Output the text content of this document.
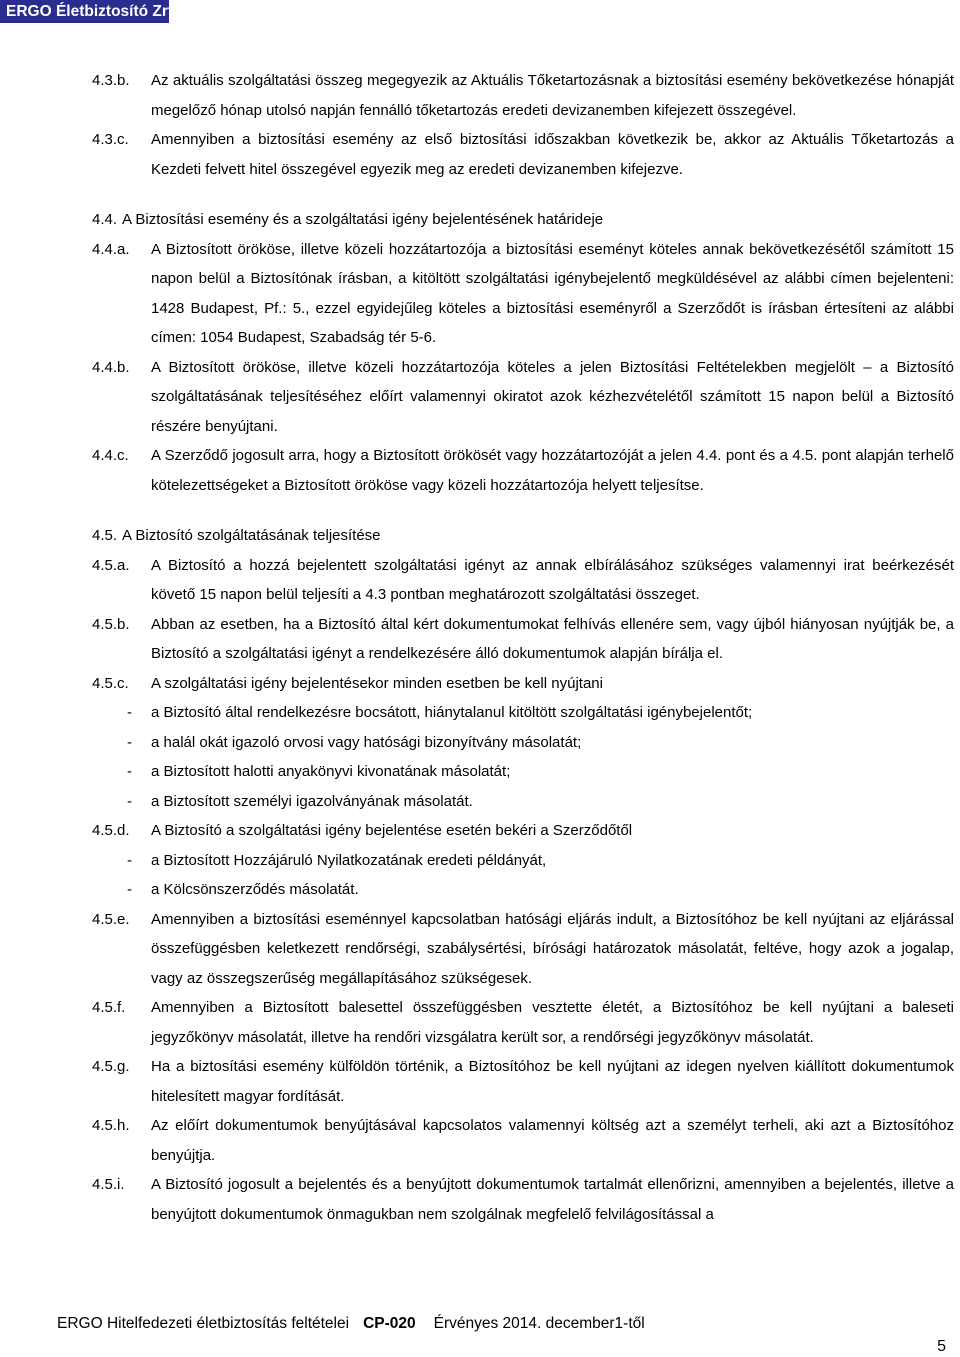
ERGO Életbiztosító Zrt.
4.3.b.	Az aktuális szolgáltatási összeg megegyezik az Aktuális Tőketartozásnak a biztosítási esemény bekövetkezése hónapját megelőző hónap utolsó napján fennálló tőketartozás eredeti devizanemben kifejezett összegével.
4.3.c.	Amennyiben a biztosítási esemény az első biztosítási időszakban következik be, akkor az Aktuális Tőketartozás a Kezdeti felvett hitel összegével egyezik meg az eredeti devizanemben kifejezve.
4.4. A Biztosítási esemény és a szolgáltatási igény bejelentésének határideje
4.4.a.	A Biztosított örököse, illetve közeli hozzátartozója a biztosítási eseményt köteles annak bekövetkezésétől számított 15 napon belül a Biztosítónak írásban, a kitöltött szolgáltatási igénybejelentő megküldésével az alábbi címen bejelenteni: 1428 Budapest, Pf.: 5., ezzel egyidejűleg köteles a biztosítási eseményről a Szerződőt is írásban értesíteni az alábbi címen: 1054 Budapest, Szabadság tér 5-6.
4.4.b.	A Biztosított örököse, illetve közeli hozzátartozója köteles a jelen Biztosítási Feltételekben megjelölt – a Biztosító szolgáltatásának teljesítéséhez előírt valamennyi okiratot azok kézhezvételétől számított 15 napon belül a Biztosító részére benyújtani.
4.4.c.	A Szerződő jogosult arra, hogy a Biztosított örökösét vagy hozzátartozóját a jelen 4.4. pont és a 4.5. pont alapján terhelő kötelezettségeket a Biztosított örököse vagy közeli hozzátartozója helyett teljesítse.
4.5. A Biztosító szolgáltatásának teljesítése
4.5.a.	A Biztosító a hozzá bejelentett szolgáltatási igényt az annak elbírálásához szükséges valamennyi irat beérkezését követő 15 napon belül teljesíti a 4.3 pontban meghatározott szolgáltatási összeget.
4.5.b.	Abban az esetben, ha a Biztosító által kért dokumentumokat felhívás ellenére sem, vagy újból hiányosan nyújtják be, a Biztosító a szolgáltatási igényt a rendelkezésére álló dokumentumok alapján bírálja el.
4.5.c.	A szolgáltatási igény bejelentésekor minden esetben be kell nyújtani
-	a Biztosító által rendelkezésre bocsátott, hiánytalanul kitöltött szolgáltatási igénybejelentőt;
-	a halál okát igazoló orvosi vagy hatósági bizonyítvány másolatát;
-	a Biztosított halotti anyakönyvi kivonatának másolatát;
-	a Biztosított személyi igazolványának másolatát.
4.5.d.	A Biztosító a szolgáltatási igény bejelentése esetén bekéri a Szerződőtől
-	a Biztosított Hozzájáruló Nyilatkozatának eredeti példányát,
-	a Kölcsönszerződés másolatát.
4.5.e.	Amennyiben a biztosítási eseménnyel kapcsolatban hatósági eljárás indult, a Biztosítóhoz be kell nyújtani az eljárással összefüggésben keletkezett rendőrségi, szabálysértési, bírósági határozatok másolatát, feltéve, hogy azok a jogalap, vagy az összegszerűség megállapításához szükségesek.
4.5.f.	Amennyiben a Biztosított balesettel összefüggésben vesztette életét, a Biztosítóhoz be kell nyújtani a baleseti jegyzőkönyv másolatát, illetve ha rendőri vizsgálatra került sor, a rendőrségi jegyzőkönyv másolatát.
4.5.g.	Ha a biztosítási esemény külföldön történik, a Biztosítóhoz be kell nyújtani az idegen nyelven kiállított dokumentumok hitelesített magyar fordítását.
4.5.h.	Az előírt dokumentumok benyújtásával kapcsolatos valamennyi költség azt a személyt terheli, aki azt a Biztosítóhoz benyújtja.
4.5.i.	A Biztosító jogosult a bejelentés és a benyújtott dokumentumok tartalmát ellenőrizni, amennyiben a bejelentés, illetve a benyújtott dokumentumok önmagukban nem szolgálnak megfelelő felvilágosítással a
ERGO Hitelfedezeti életbiztosítás feltételei CP-020 Érvényes 2014. december1-től
5
